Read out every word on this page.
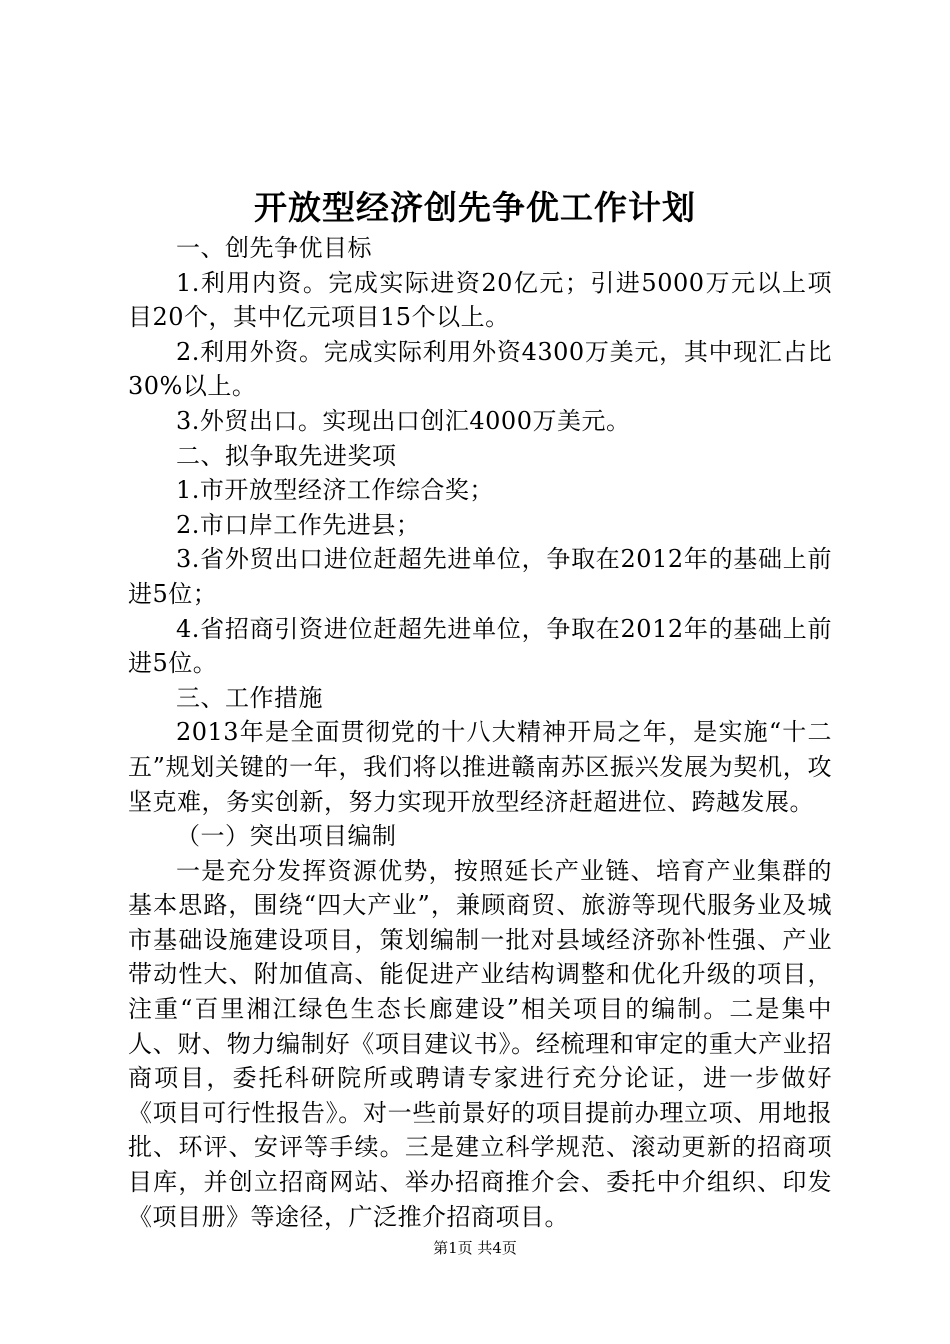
开放型经济创先争优工作计划

一、创先争优目标

1.利用内资。完成实际进资20亿元；引进5000万元以上项目20个，其中亿元项目15个以上。

2.利用外资。完成实际利用外资4300万美元，其中现汇占比30%以上。

3.外贸出口。实现出口创汇4000万美元。

二、拟争取先进奖项

1.市开放型经济工作综合奖；

2.市口岸工作先进县；

3.省外贸出口进位赶超先进单位，争取在2012年的基础上前进5位；

4.省招商引资进位赶超先进单位，争取在2012年的基础上前进5位。

三、工作措施

2013年是全面贯彻党的十八大精神开局之年，是实施“十二五”规划关键的一年，我们将以推进赣南苏区振兴发展为契机，攻坚克难，务实创新，努力实现开放型经济赶超进位、跨越发展。

（一）突出项目编制

一是充分发挥资源优势，按照延长产业链、培育产业集群的基本思路，围绕“四大产业”，兼顾商贸、旅游等现代服务业及城市基础设施建设项目，策划编制一批对县域经济弥补性强、产业带动性大、附加值高、能促进产业结构调整和优化升级的项目，注重“百里湘江绿色生态长廊建设”相关项目的编制。二是集中人、财、物力编制好《项目建议书》。经梳理和审定的重大产业招商项目，委托科研院所或聘请专家进行充分论证，进一步做好《项目可行性报告》。对一些前景好的项目提前办理立项、用地报批、环评、安评等手续。三是建立科学规范、滚动更新的招商项目库，并创立招商网站、举办招商推介会、委托中介组织、印发《项目册》等途径，广泛推介招商项目。

第1页 共4页
